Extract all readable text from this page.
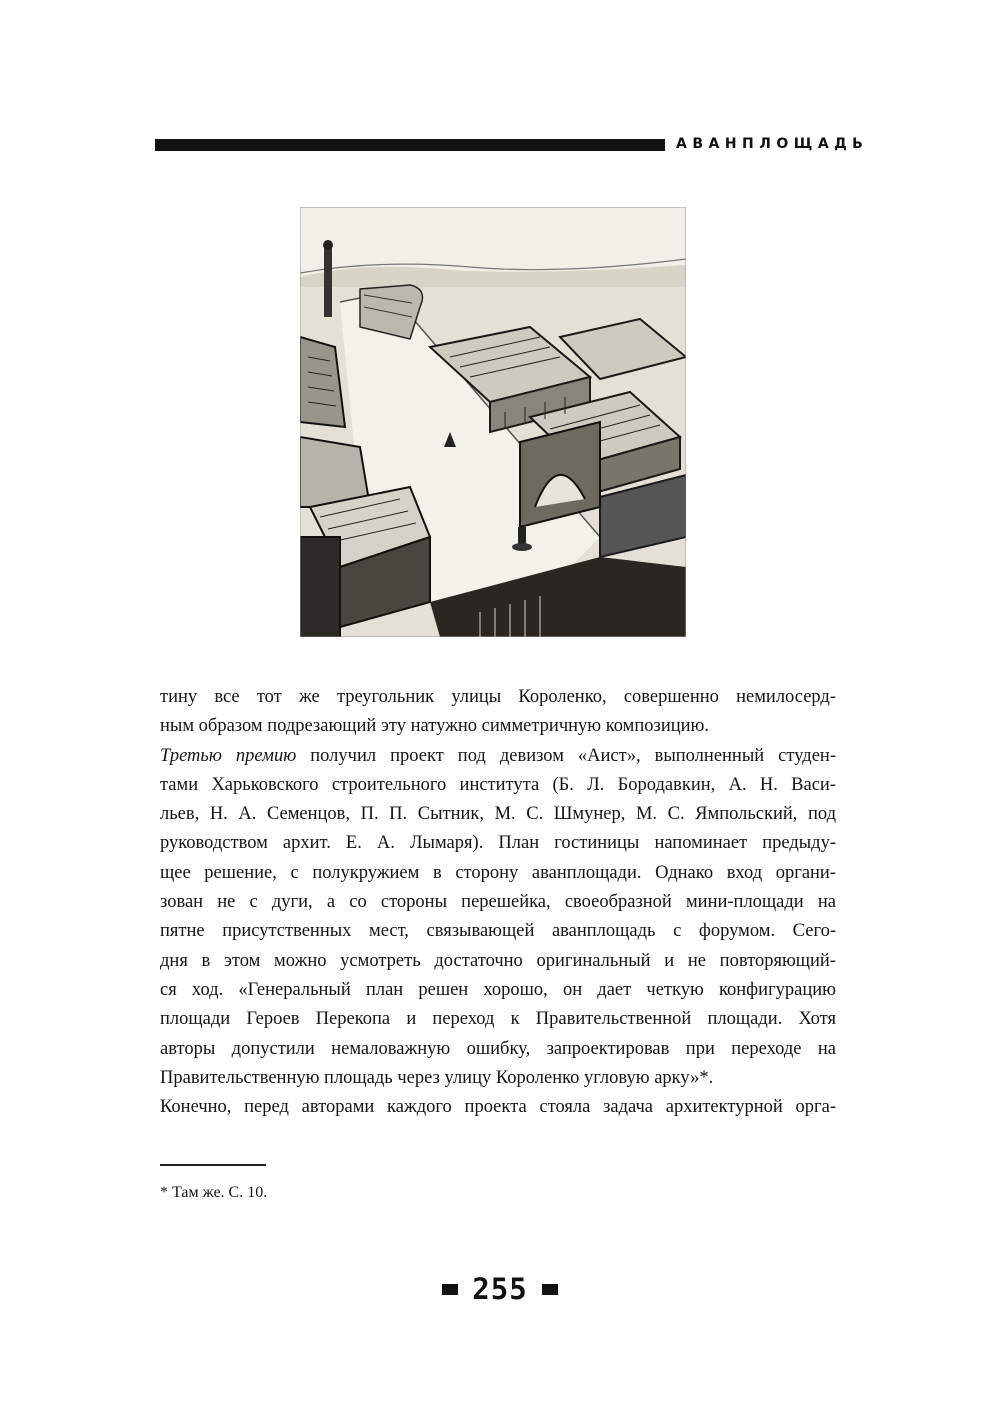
АВАНПЛОЩАДЬ
тину все тот же треугольник улицы Короленко, совершенно немилосерд-
ным образом подрезающий эту натужно симметричную композицию.
Третью премию получил проект под девизом «Аист», выполненный студен-
тами Харьковского строительного института (Б. Л. Бородавкин, А. Н. Васи-
льев, Н. А. Семенцов, П. П. Сытник, М. С. Шмунер, М. С. Ямпольский, под
руководством архит. Е. А. Лымаря). План гостиницы напоминает предыду-
щее решение, с полукружием в сторону аванплощади. Однако вход органи-
зован не с дуги, а со стороны перешейка, своеобразной мини-площади на
пятне присутственных мест, связывающей аванплощадь с форумом. Сего-
дня в этом можно усмотреть достаточно оригинальный и не повторяющий-
ся ход. «Генеральный план решен хорошо, он дает четкую конфигурацию
площади Героев Перекопа и переход к Правительственной площади. Хотя
авторы допустили немаловажную ошибку, запроектировав при переходе на
Правительственную площадь через улицу Короленко угловую арку»*.
Конечно, перед авторами каждого проекта стояла задача архитектурной орга-
* Там же. С. 10.
255
